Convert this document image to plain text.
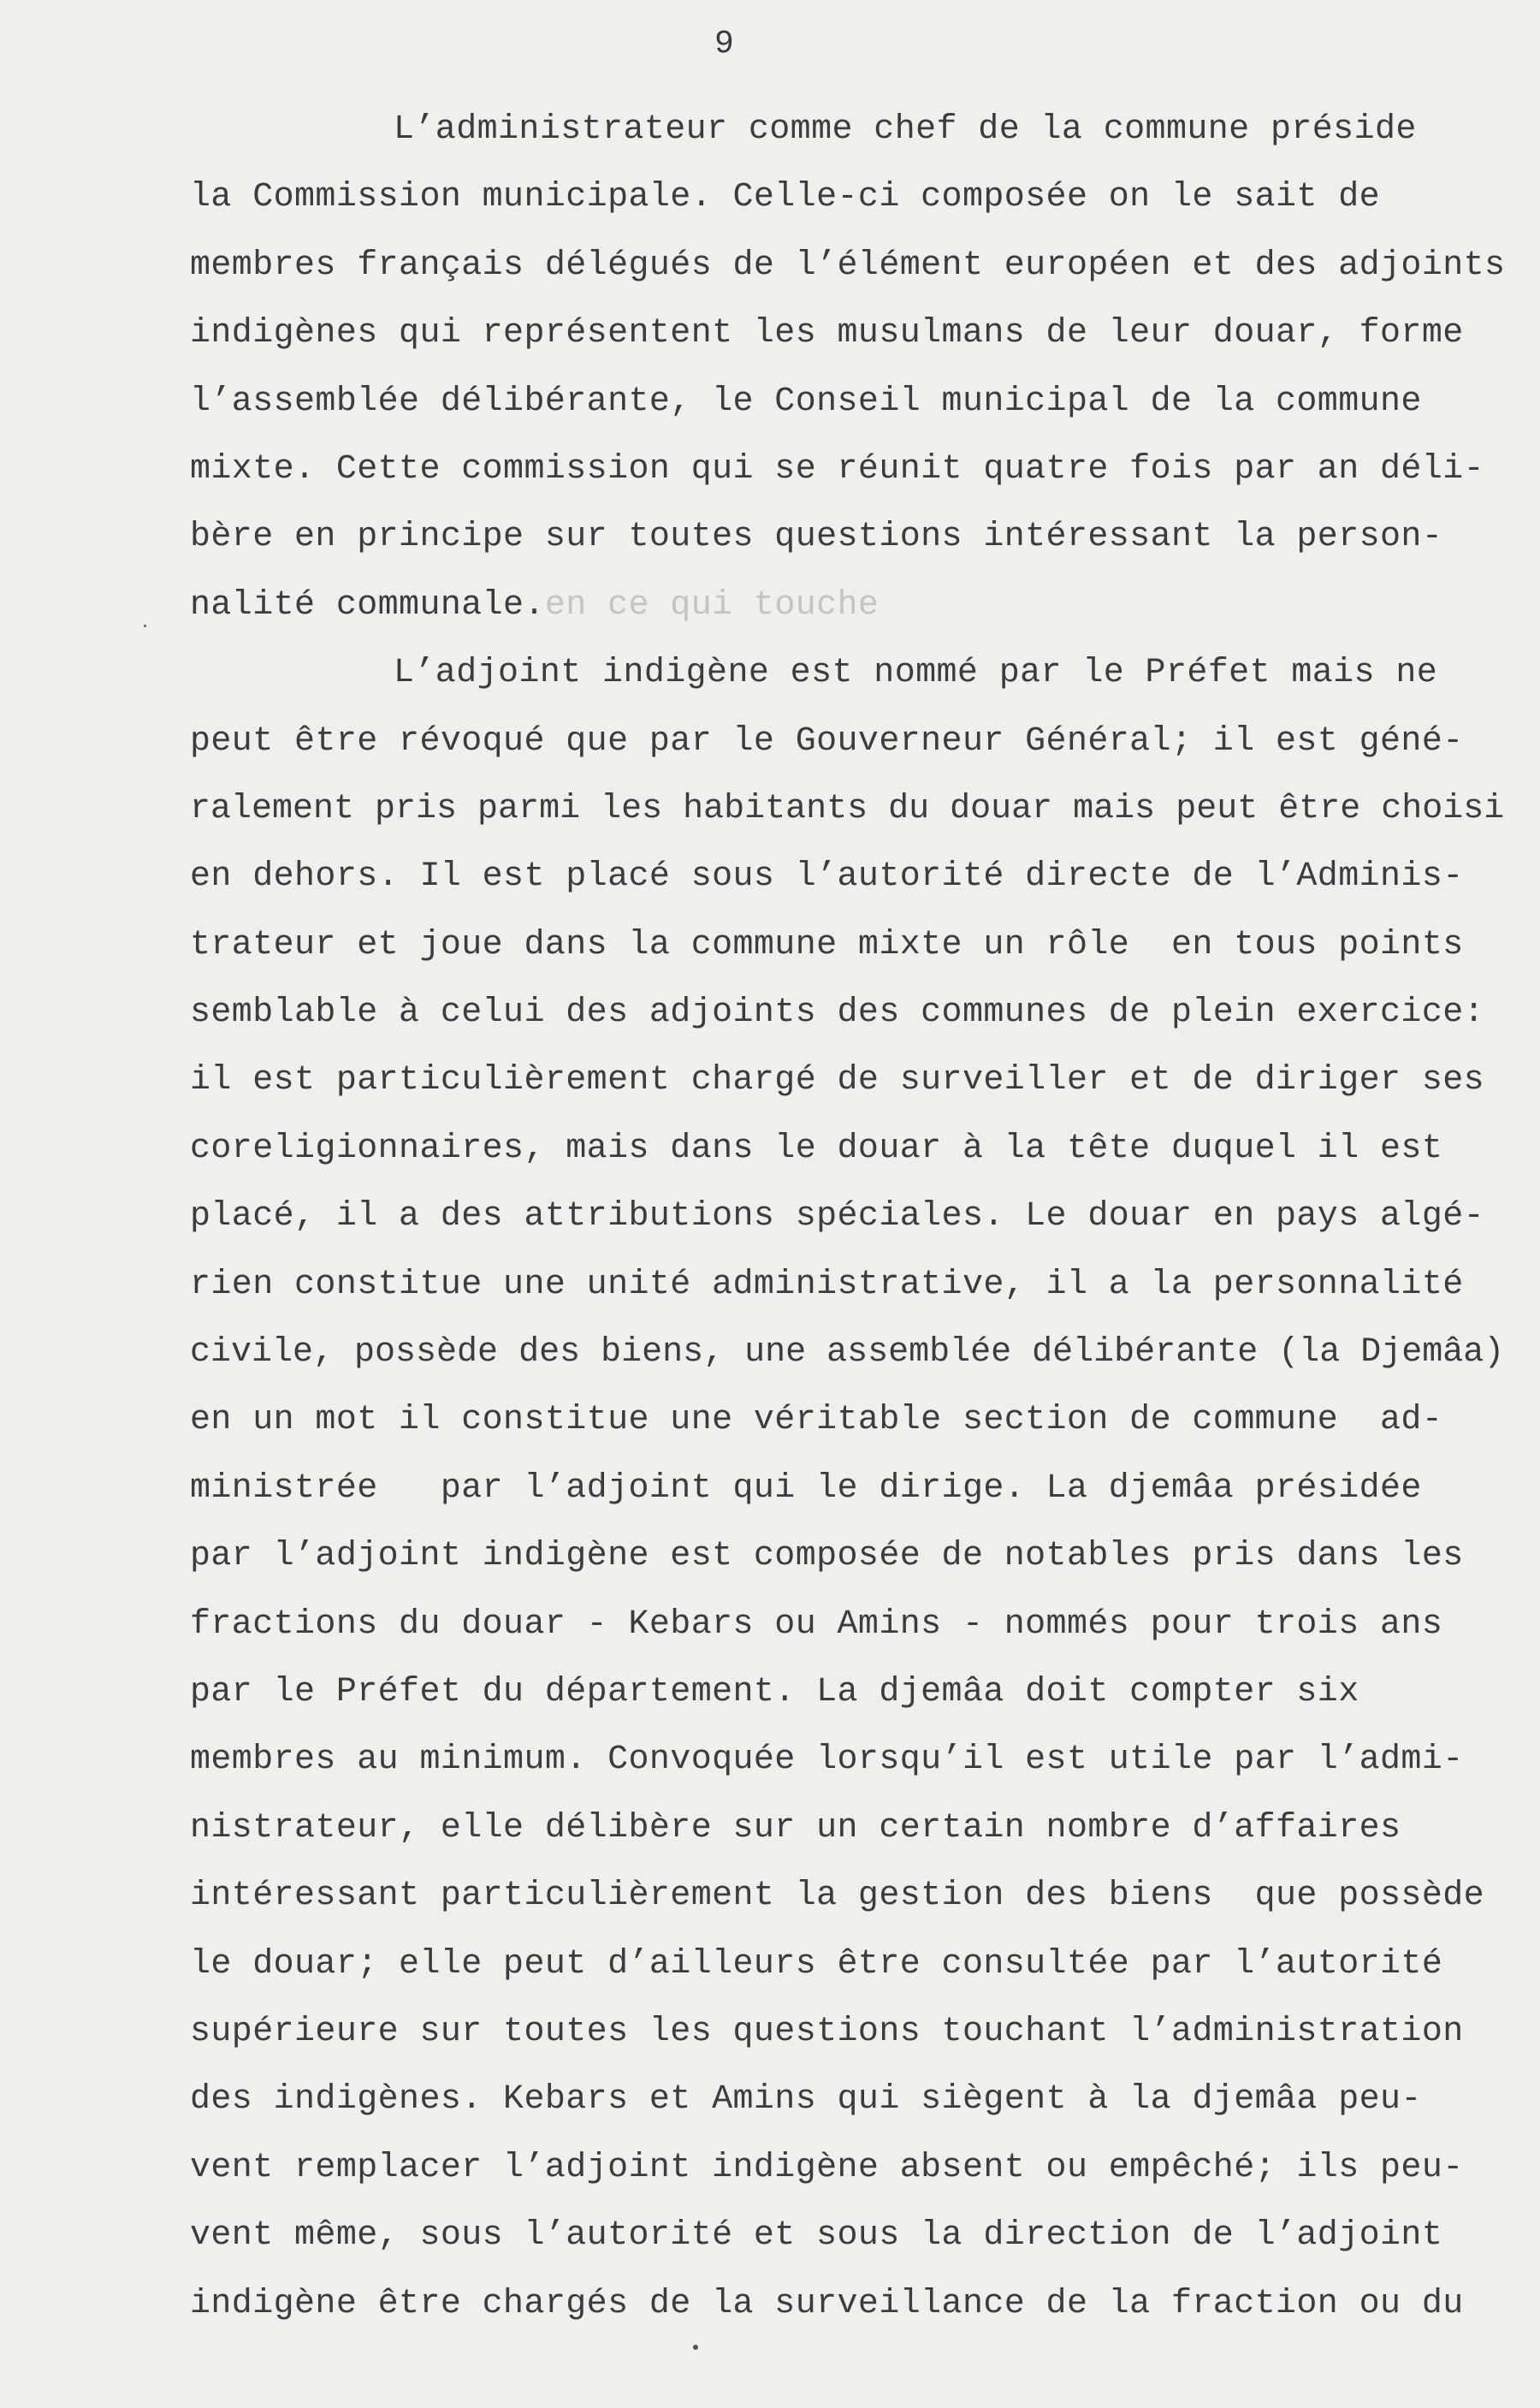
9
L’administrateur comme chef de la commune préside
la Commission municipale. Celle-ci composée on le sait de
membres français délégués de l’élément européen et des adjoints
indigènes qui représentent les musulmans de leur douar, forme
l’assemblée délibérante, le Conseil municipal de la commune
mixte. Cette commission qui se réunit quatre fois par an déli-
bère en principe sur toutes questions intéressant la person-
nalité communale.en ce qui touche
L’adjoint indigène est nommé par le Préfet mais ne
peut être révoqué que par le Gouverneur Général; il est géné-
ralement pris parmi les habitants du douar mais peut être choisi
en dehors. Il est placé sous l’autorité directe de l’Adminis-
trateur et joue dans la commune mixte un rôle  en tous points
semblable à celui des adjoints des communes de plein exercice:
il est particulièrement chargé de surveiller et de diriger ses
coreligionnaires, mais dans le douar à la tête duquel il est
placé, il a des attributions spéciales. Le douar en pays algé-
rien constitue une unité administrative, il a la personnalité
civile, possède des biens, une assemblée délibérante (la Djemâa)
en un mot il constitue une véritable section de commune  ad-
ministrée   par l’adjoint qui le dirige. La djemâa présidée
par l’adjoint indigène est composée de notables pris dans les
fractions du douar - Kebars ou Amins - nommés pour trois ans
par le Préfet du département. La djemâa doit compter six
membres au minimum. Convoquée lorsqu’il est utile par l’admi-
nistrateur, elle délibère sur un certain nombre d’affaires
intéressant particulièrement la gestion des biens  que possède
le douar; elle peut d’ailleurs être consultée par l’autorité
supérieure sur toutes les questions touchant l’administration
des indigènes. Kebars et Amins qui siègent à la djemâa peu-
vent remplacer l’adjoint indigène absent ou empêché; ils peu-
vent même, sous l’autorité et sous la direction de l’adjoint
indigène être chargés de la surveillance de la fraction ou du
